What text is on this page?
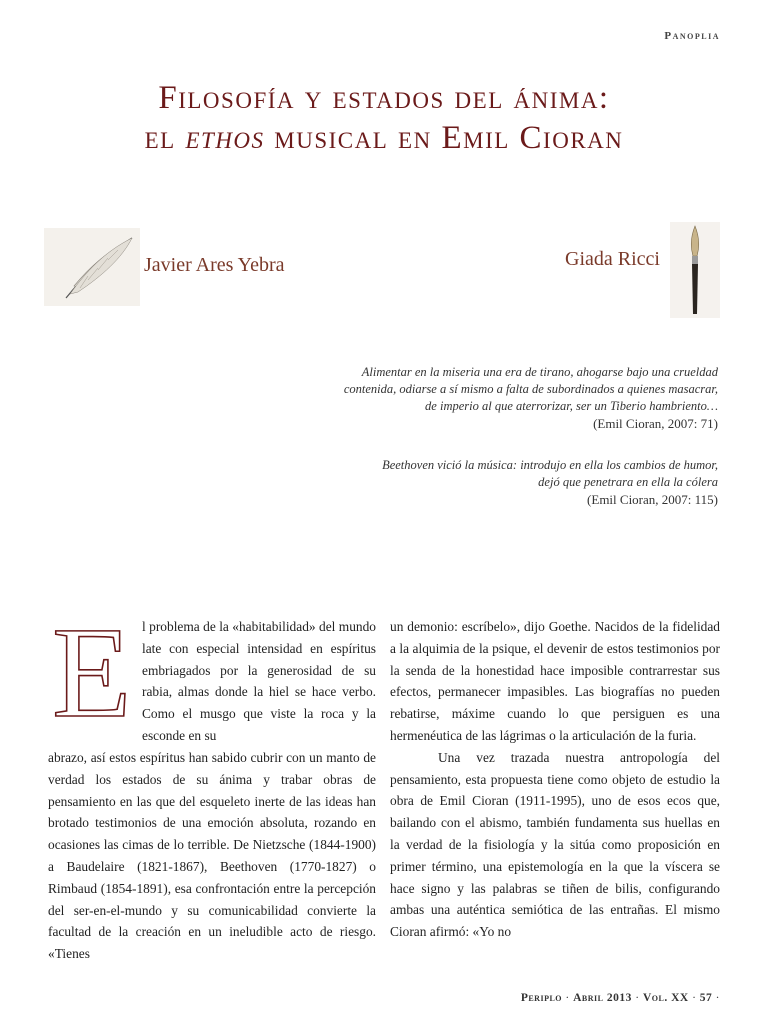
Panoplia
Filosofía y estados del ánima:
el ethos musical en Emil Cioran
Javier Ares Yebra	Giada Ricci
Alimentar en la miseria una era de tirano, ahogarse bajo una crueldad contenida, odiarse a sí mismo a falta de subordinados a quienes masacrar, de imperio al que aterrorizar, ser un Tiberio hambriento…
(Emil Cioran, 2007: 71)
Beethoven vició la música: introdujo en ella los cambios de humor, dejó que penetrara en ella la cólera
(Emil Cioran, 2007: 115)
E l problema de la «habitabilidad» del mundo late con especial intensidad en espíritus embriagados por la generosidad de su rabia, almas donde la hiel se hace verbo. Como el musgo que viste la roca y la esconde en su

abrazo, así estos espíritus han sabido cubrir con un manto de verdad los estados de su ánima y trabar obras de pensamiento en las que del esqueleto inerte de las ideas han brotado testimonios de una emoción absoluta, rozando en ocasiones las cimas de lo terrible. De Nietzsche (1844-1900) a Baudelaire (1821-1867), Beethoven (1770-1827) o Rimbaud (1854-1891), esa confrontación entre la percepción del ser-en-el-mundo y su comunicabilidad convierte la facultad de la creación en un ineludible acto de riesgo. «Tienes

un demonio: escríbelo», dijo Goethe. Nacidos de la fidelidad a la alquimia de la psique, el devenir de estos testimonios por la senda de la honestidad hace imposible contrarrestar sus efectos, permanecer impasibles. Las biografías no pueden rebatirse, máxime cuando lo que persiguen es una hermenéutica de las lágrimas o la articulación de la furia.

Una vez trazada nuestra antropología del pensamiento, esta propuesta tiene como objeto de estudio la obra de Emil Cioran (1911-1995), uno de esos ecos que, bailando con el abismo, también fundamenta sus huellas en la verdad de la fisiología y la sitúa como proposición en primer término, una epistemología en la que la víscera se hace signo y las palabras se tiñen de bilis, configurando ambas una auténtica semiótica de las entrañas. El mismo Cioran afirmó: «Yo no

Periplo · Abril 2013 · Vol. XX · 57 ·
